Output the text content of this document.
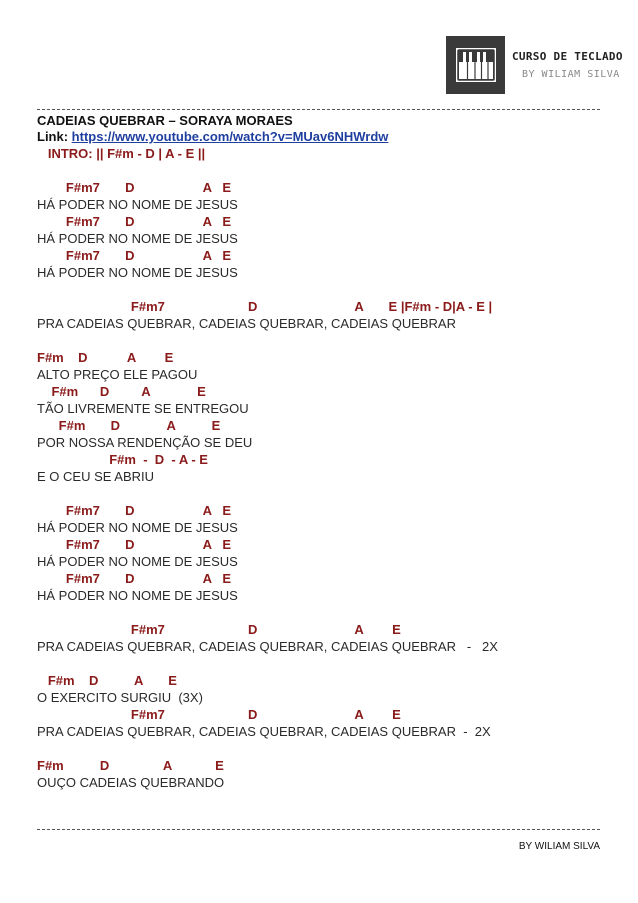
CURSO DE TECLADO
BY WILIAM SILVA
CADEIAS QUEBRAR – SORAYA MORAES
Link: https://www.youtube.com/watch?v=MUav6NHWrdw
INTRO: || F#m - D | A - E ||
F#m7       D                   A   E
HÁ PODER NO NOME DE JESUS
F#m7       D                   A   E
HÁ PODER NO NOME DE JESUS
F#m7       D                   A   E
HÁ PODER NO NOME DE JESUS
F#m7                       D                           A       E |F#m - D|A - E |
PRA CADEIAS QUEBRAR, CADEIAS QUEBRAR, CADEIAS QUEBRAR
F#m    D           A        E
ALTO PREÇO ELE PAGOU
F#m      D         A             E
TÃO LIVREMENTE SE ENTREGOU
F#m       D             A          E
POR NOSSA RENDENÇÃO SE DEU
F#m  -  D  - A - E
E O CEU SE ABRIU
F#m7       D                   A   E
HÁ PODER NO NOME DE JESUS
F#m7       D                   A   E
HÁ PODER NO NOME DE JESUS
F#m7       D                   A   E
HÁ PODER NO NOME DE JESUS
F#m7                       D                           A        E
PRA CADEIAS QUEBRAR, CADEIAS QUEBRAR, CADEIAS QUEBRAR   -   2X
F#m    D          A       E
O EXERCITO SURGIU  (3X)
F#m7                       D                           A        E
PRA CADEIAS QUEBRAR, CADEIAS QUEBRAR, CADEIAS QUEBRAR  -  2X
F#m          D               A            E
OUÇO CADEIAS QUEBRANDO
BY WILIAM SILVA
